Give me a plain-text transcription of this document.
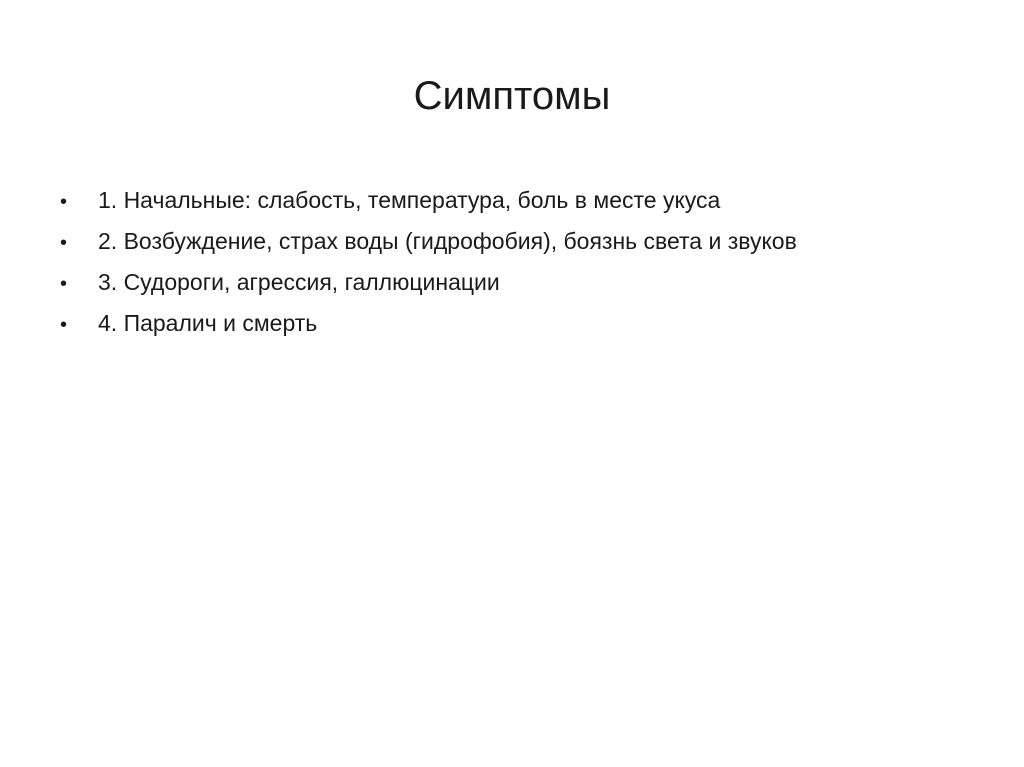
Симптомы
•	1. Начальные: слабость, температура, боль в месте укуса
•	2. Возбуждение, страх воды (гидрофобия), боязнь света и звуков
•	3. Судороги, агрессия, галлюцинации
•	4. Паралич и смерть
